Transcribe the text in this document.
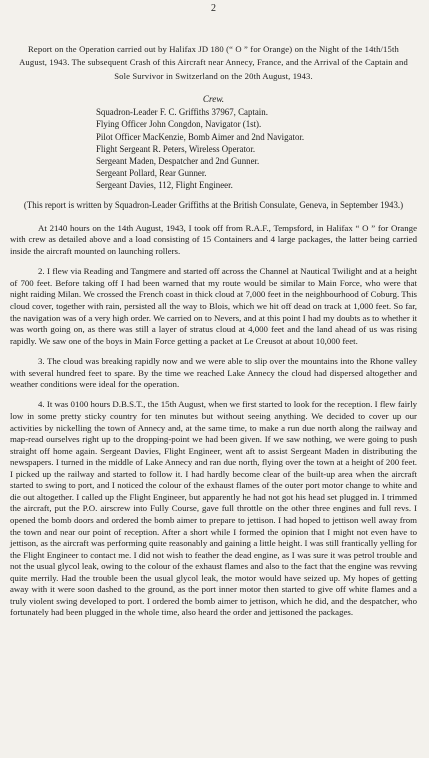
2
Report on the Operation carried out by Halifax JD 180 (“ O ” for Orange) on the Night of the 14th/15th August, 1943. The subsequent Crash of this Aircraft near Annecy, France, and the Arrival of the Captain and Sole Survivor in Switzerland on the 20th August, 1943.
Crew.
Squadron-Leader F. C. Griffiths 37967, Captain.
Flying Officer John Congdon, Navigator (1st).
Pilot Officer MacKenzie, Bomb Aimer and 2nd Navigator.
Flight Sergeant R. Peters, Wireless Operator.
Sergeant Maden, Despatcher and 2nd Gunner.
Sergeant Pollard, Rear Gunner.
Sergeant Davies, 112, Flight Engineer.
(This report is written by Squadron-Leader Griffiths at the British Consulate, Geneva, in September 1943.)

At 2140 hours on the 14th August, 1943, I took off from R.A.F., Tempsford, in Halifax “ O ” for Orange with crew as detailed above and a load consisting of 15 Containers and 4 large packages, the latter being carried inside the aircraft mounted on launching rollers.

2. I flew via Reading and Tangmere and started off across the Channel at Nautical Twilight and at a height of 700 feet. Before taking off I had been warned that my route would be similar to Main Force, who were that night raiding Milan. We crossed the French coast in thick cloud at 7,000 feet in the neighbourhood of Coburg. This cloud cover, together with rain, persisted all the way to Blois, which we hit off dead on track at 1,000 feet. So far, the navigation was of a very high order. We carried on to Nevers, and at this point I had my doubts as to whether it was worth going on, as there was still a layer of stratus cloud at 4,000 feet and the land ahead of us was rising rapidly. We saw one of the boys in Main Force getting a packet at Le Creusot at about 10,000 feet.

3. The cloud was breaking rapidly now and we were able to slip over the mountains into the Rhone valley with several hundred feet to spare. By the time we reached Lake Annecy the cloud had dispersed altogether and weather conditions were ideal for the operation.

4. It was 0100 hours D.B.S.T., the 15th August, when we first started to look for the reception. I flew fairly low in some pretty sticky country for ten minutes but without seeing anything. We decided to cover up our activities by nickelling the town of Annecy and, at the same time, to make a run due north along the railway and map-read ourselves right up to the dropping-point we had been given. If we saw nothing, we were going to push straight off home again. Sergeant Davies, Flight Engineer, went aft to assist Sergeant Maden in distributing the newspapers. I turned in the middle of Lake Annecy and ran due north, flying over the town at a height of 200 feet. I picked up the railway and started to follow it. I had hardly become clear of the built-up area when the aircraft started to swing to port, and I noticed the colour of the exhaust flames of the outer port motor change to white and die out altogether. I called up the Flight Engineer, but apparently he had not got his head set plugged in. I trimmed the aircraft, put the P.O. airscrew into Fully Course, gave full throttle on the other three engines and full revs. I opened the bomb doors and ordered the bomb aimer to prepare to jettison. I had hoped to jettison well away from the town and near our point of reception. After a short while I formed the opinion that I might not even have to jettison, as the aircraft was performing quite reasonably and gaining a little height. I was still frantically yelling for the Flight Engineer to contact me. I did not wish to feather the dead engine, as I was sure it was petrol trouble and not the usual glycol leak, owing to the colour of the exhaust flames and also to the fact that the engine was revving quite merrily. Had the trouble been the usual glycol leak, the motor would have seized up. My hopes of getting away with it were soon dashed to the ground, as the port inner motor then started to give off white flames and a truly violent swing developed to port. I ordered the bomb aimer to jettison, which he did, and the despatcher, who fortunately had been plugged in the whole time, also heard the order and jettisoned the packages.
